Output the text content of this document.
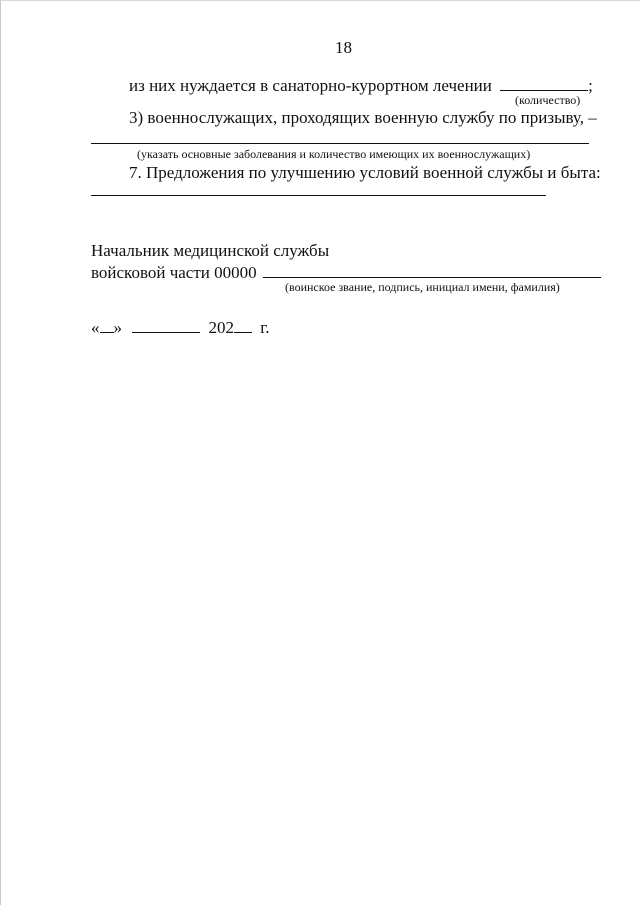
18
из них нуждается в санаторно-курортном лечении	;
(количество)
3) военнослужащих, проходящих военную службу по призыву, –
(указать основные заболевания и количество имеющих их военнослужащих)
7. Предложения по улучшению условий военной службы и быта:
Начальник медицинской службы
войсковой части 00000
(воинское звание, подпись, инициал имени, фамилия)
« »	202 г.
